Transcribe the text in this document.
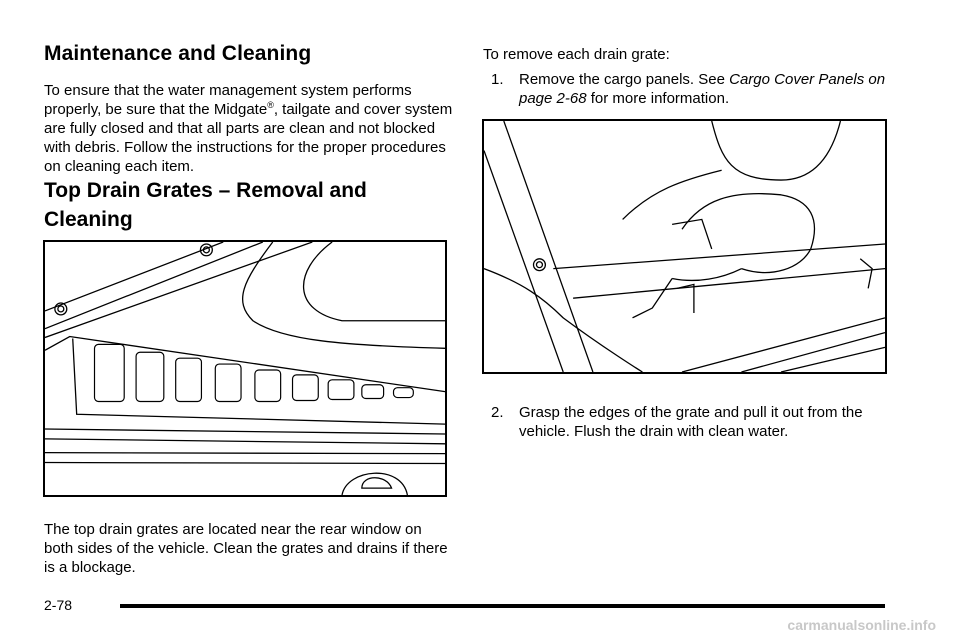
Maintenance and Cleaning

To ensure that the water management system performs properly, be sure that the Midgate®, tailgate and cover system are fully closed and that all parts are clean and not blocked with debris. Follow the instructions for the proper procedures on cleaning each item.

Top Drain Grates – Removal and Cleaning

The top drain grates are located near the rear window on both sides of the vehicle. Clean the grates and drains if there is a blockage.

To remove each drain grate:

1.	Remove the cargo panels. See Cargo Cover Panels on page 2-68 for more information.
2.	Grasp the edges of the grate and pull it out from the vehicle. Flush the drain with clean water.
2-78
carmanualsonline.info
